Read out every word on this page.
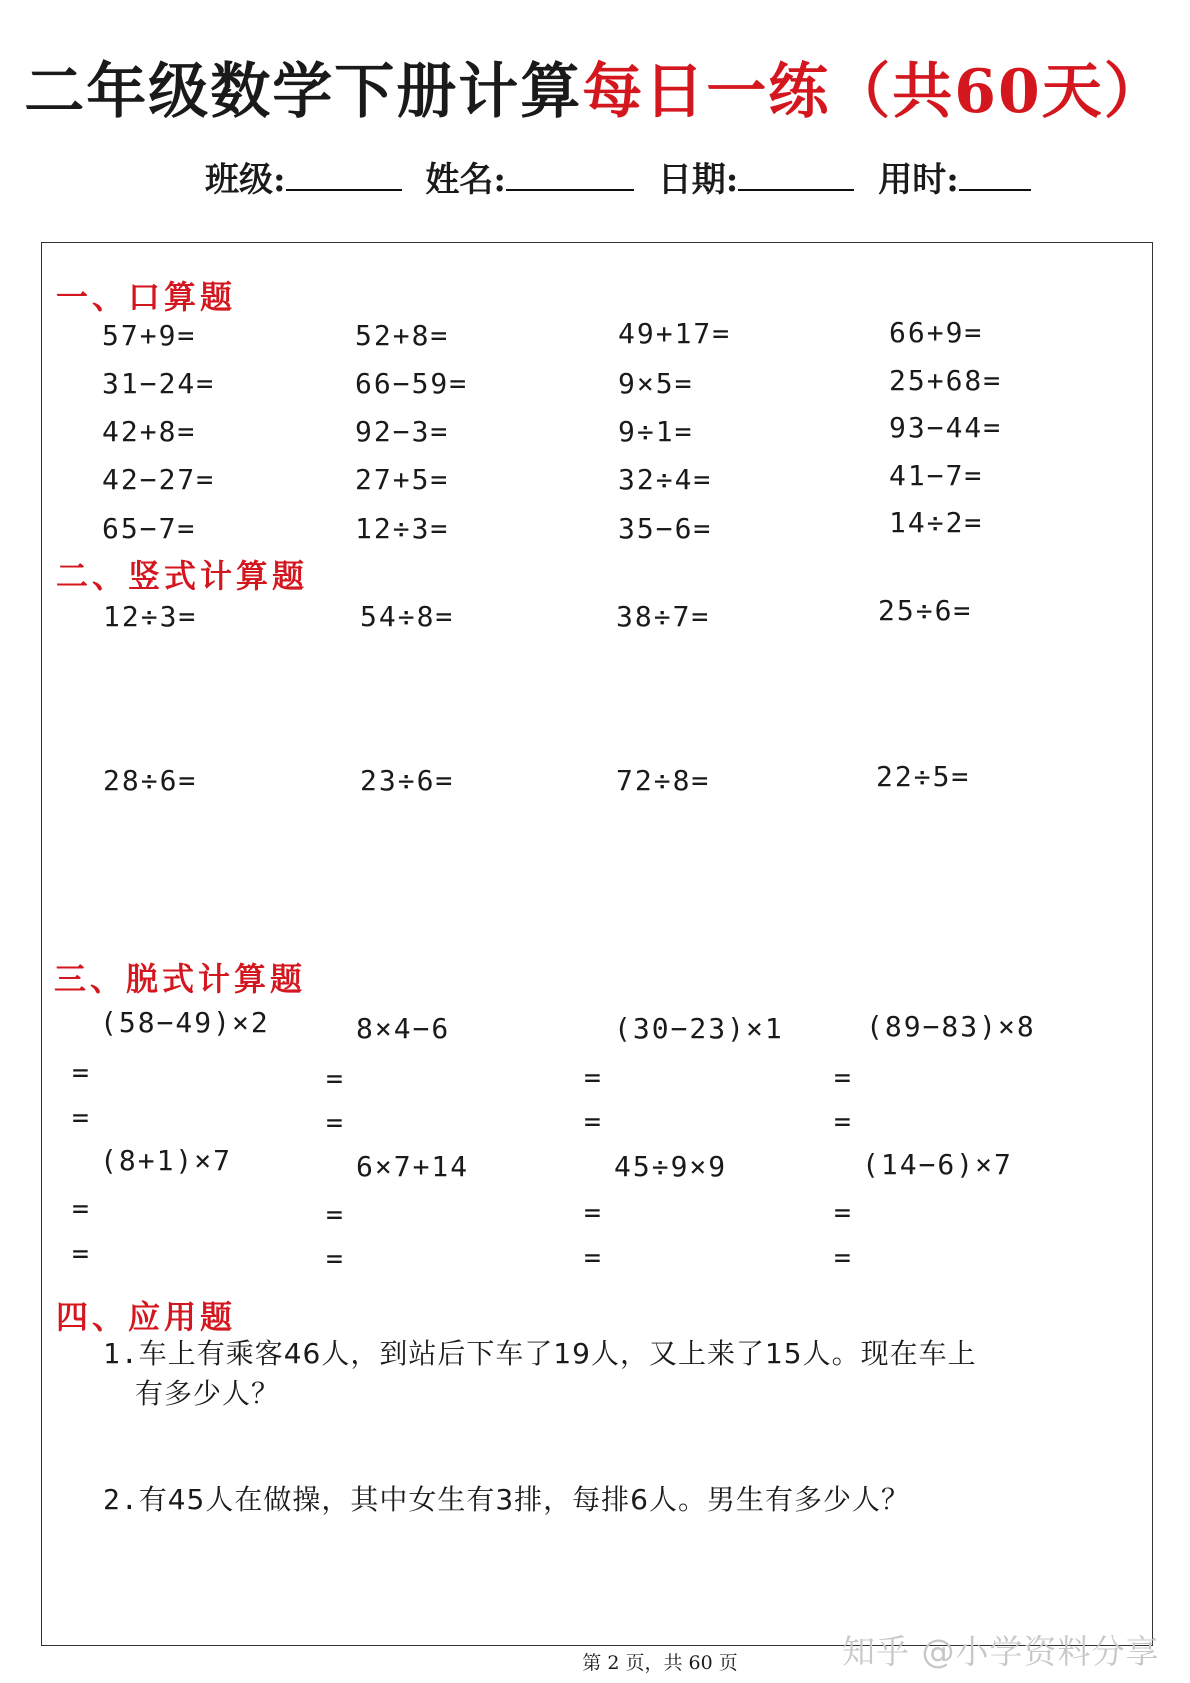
二年级数学下册计算每日一练（共60天）
班级:	姓名:	日期:	用时:
一、口算题
57+9=	52+8=	49+17=	66+9=
31−24=	66−59=	9×5=	25+68=
42+8=	92−3=	9÷1=	93−44=
42−27=	27+5=	32÷4=	41−7=
65−7=	12÷3=	35−6=	14÷2=
二、竖式计算题
12÷3=	54÷8=	38÷7=	25÷6=
28÷6=	23÷6=	72÷8=	22÷5=
三、脱式计算题
(58−49)×2	8×4−6	(30−23)×1	(89−83)×8
=	=	=	=
=	=	=	=
(8+1)×7	6×7+14	45÷9×9	(14−6)×7
=	=	=	=
=	=	=	=
四、应用题
1.车上有乘客46人，到站后下车了19人，又上来了15人。现在车上
有多少人？
2.有45人在做操，其中女生有3排，每排6人。男生有多少人？
第 2 页，共 60 页	知乎 @小学资料分享
